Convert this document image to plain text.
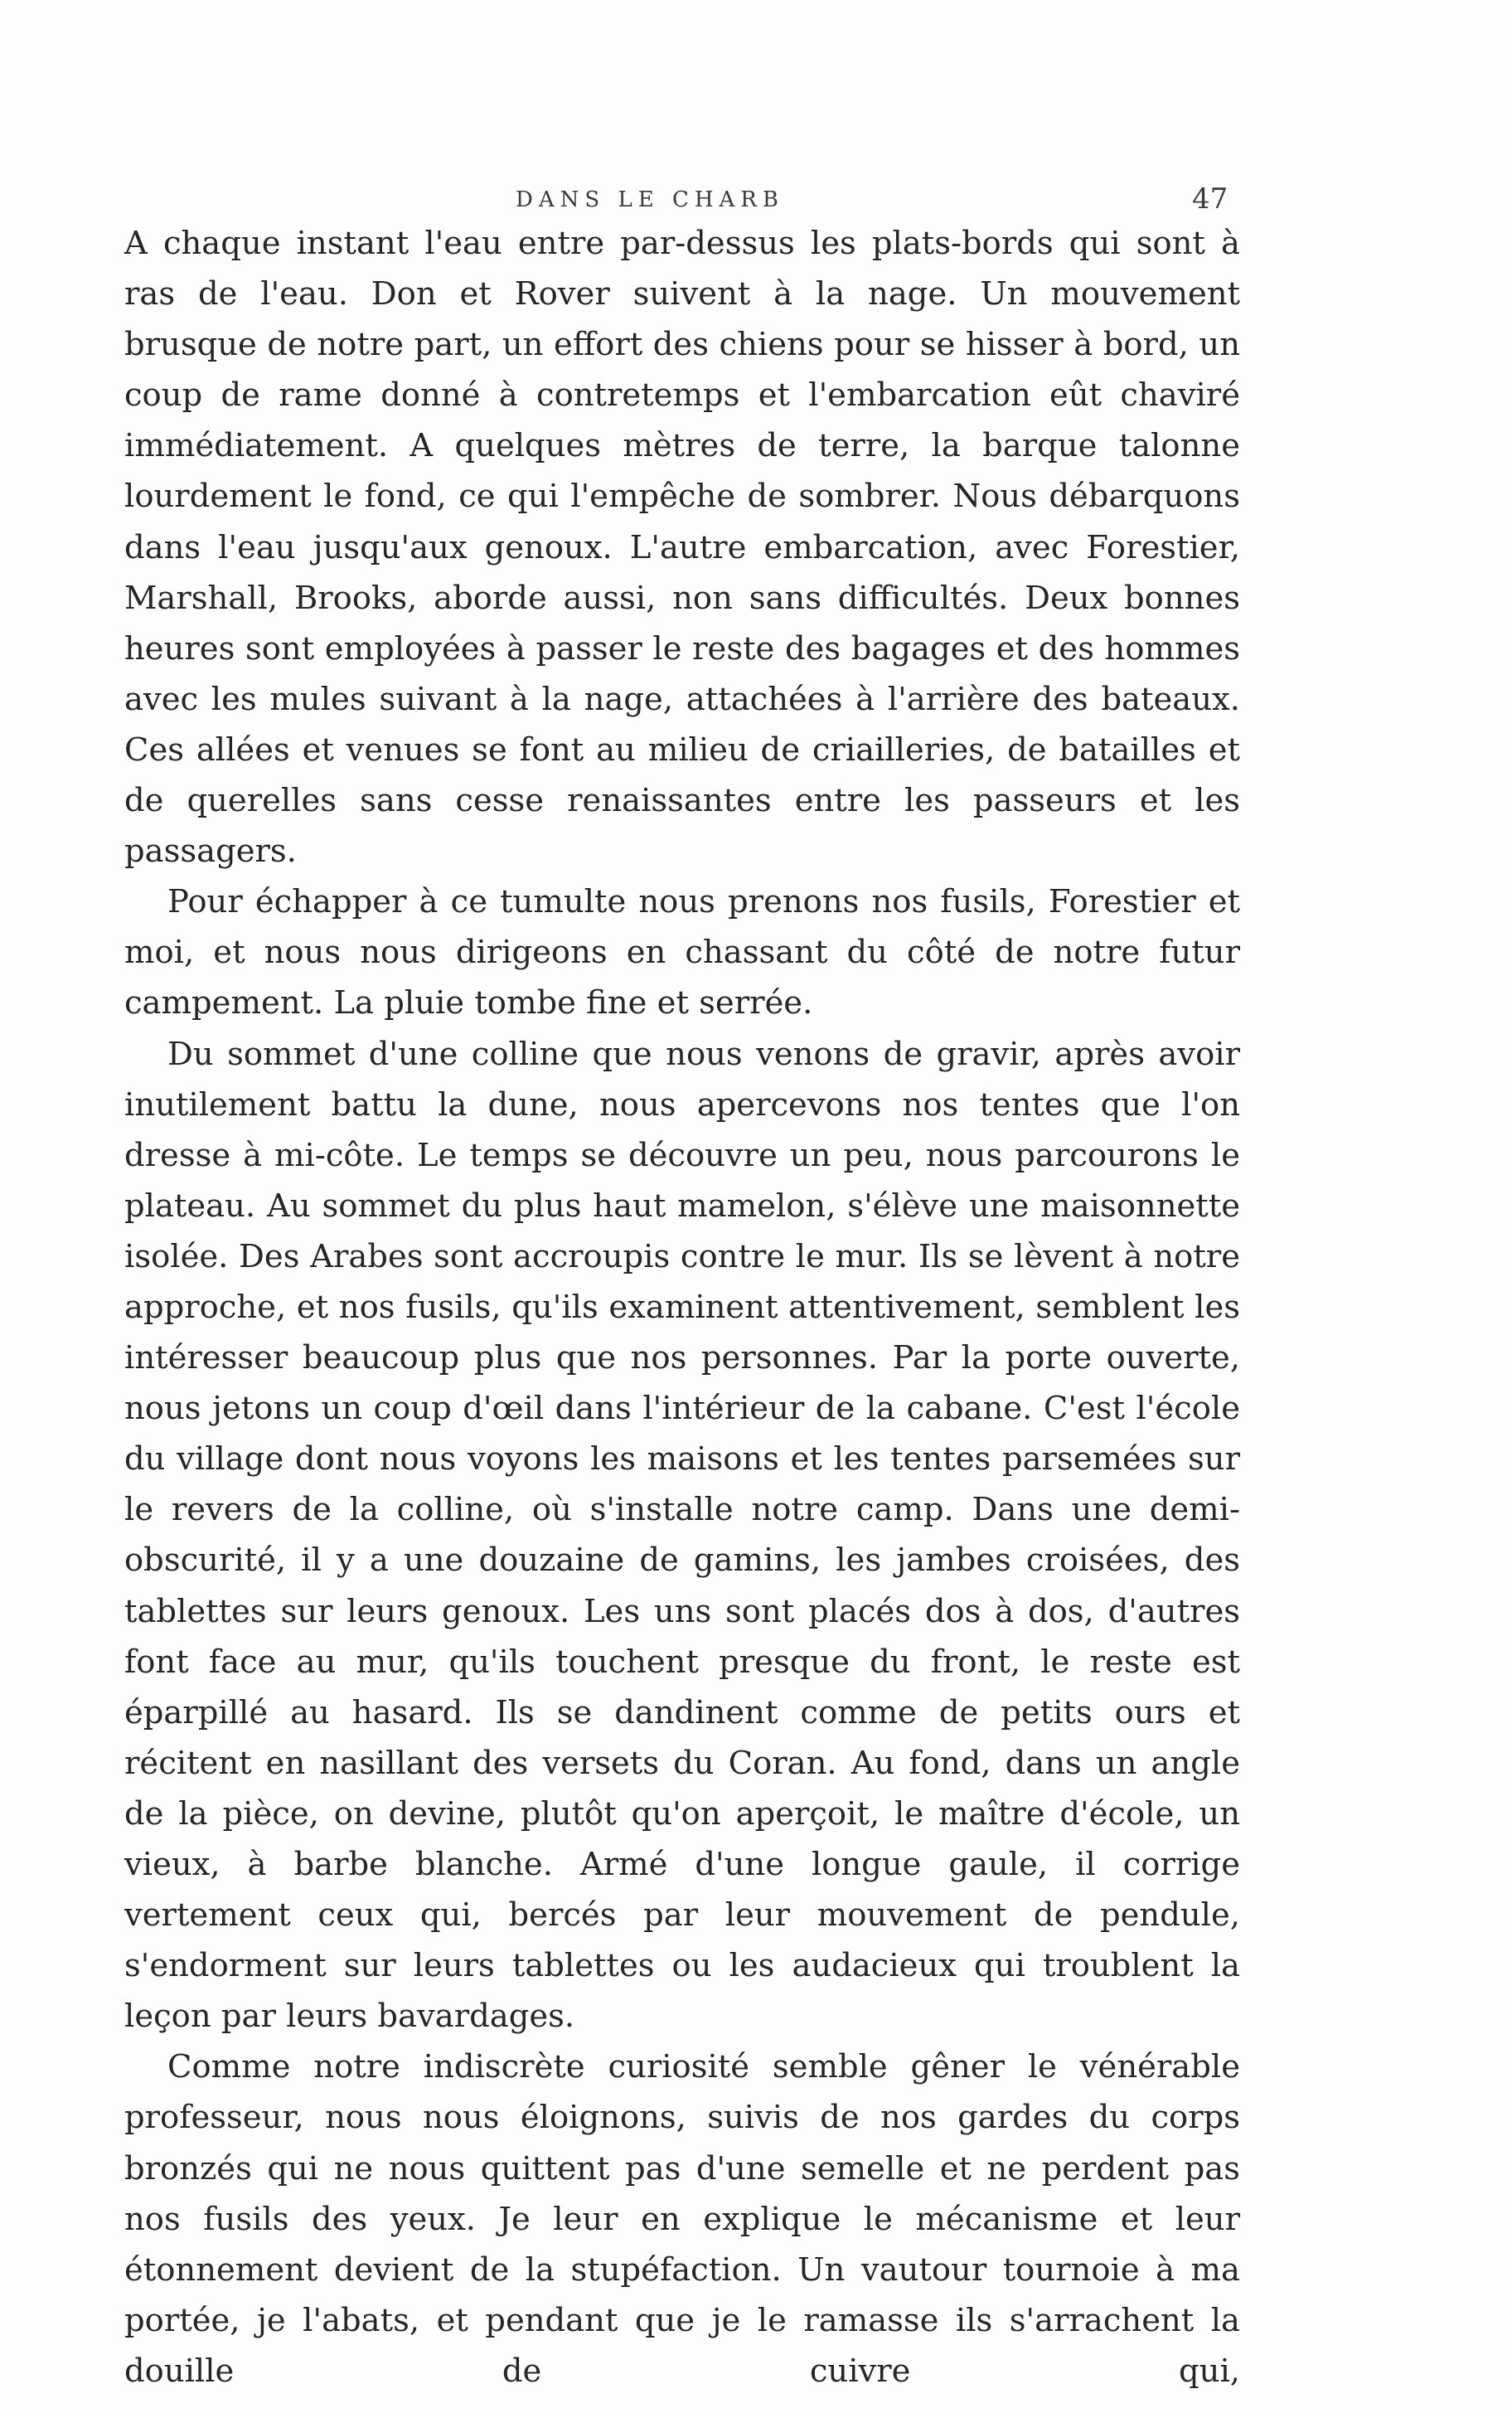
DANS LE CHARB	47

A chaque instant l'eau entre par-dessus les plats-bords qui sont à ras de l'eau. Don et Rover suivent à la nage. Un mouvement brusque de notre part, un effort des chiens pour se hisser à bord, un coup de rame donné à contretemps et l'embarcation eût chaviré immédiatement. A quelques mètres de terre, la barque talonne lourdement le fond, ce qui l'empêche de sombrer. Nous débarquons dans l'eau jusqu'aux genoux. L'autre embarcation, avec Forestier, Marshall, Brooks, aborde aussi, non sans difficultés. Deux bonnes heures sont employées à passer le reste des bagages et des hommes avec les mules suivant à la nage, attachées à l'arrière des bateaux. Ces allées et venues se font au milieu de criailleries, de batailles et de querelles sans cesse renaissantes entre les passeurs et les passagers.

Pour échapper à ce tumulte nous prenons nos fusils, Forestier et moi, et nous nous dirigeons en chassant du côté de notre futur campement. La pluie tombe fine et serrée.

Du sommet d'une colline que nous venons de gravir, après avoir inutilement battu la dune, nous apercevons nos tentes que l'on dresse à mi-côte. Le temps se découvre un peu, nous parcourons le plateau. Au sommet du plus haut mamelon, s'élève une maisonnette isolée. Des Arabes sont accroupis contre le mur. Ils se lèvent à notre approche, et nos fusils, qu'ils examinent attentivement, semblent les intéresser beaucoup plus que nos personnes. Par la porte ouverte, nous jetons un coup d'œil dans l'intérieur de la cabane. C'est l'école du village dont nous voyons les maisons et les tentes parsemées sur le revers de la colline, où s'installe notre camp. Dans une demi-obscurité, il y a une douzaine de gamins, les jambes croisées, des tablettes sur leurs genoux. Les uns sont placés dos à dos, d'autres font face au mur, qu'ils touchent presque du front, le reste est éparpillé au hasard. Ils se dandinent comme de petits ours et récitent en nasillant des versets du Coran. Au fond, dans un angle de la pièce, on devine, plutôt qu'on aperçoit, le maître d'école, un vieux, à barbe blanche. Armé d'une longue gaule, il corrige vertement ceux qui, bercés par leur mouvement de pendule, s'endorment sur leurs tablettes ou les audacieux qui troublent la leçon par leurs bavardages.

Comme notre indiscrète curiosité semble gêner le vénérable professeur, nous nous éloignons, suivis de nos gardes du corps bronzés qui ne nous quittent pas d'une semelle et ne perdent pas nos fusils des yeux. Je leur en explique le mécanisme et leur étonnement devient de la stupéfaction. Un vautour tournoie à ma portée, je l'abats, et pendant que je le ramasse ils s'arrachent la douille de cuivre qui,
